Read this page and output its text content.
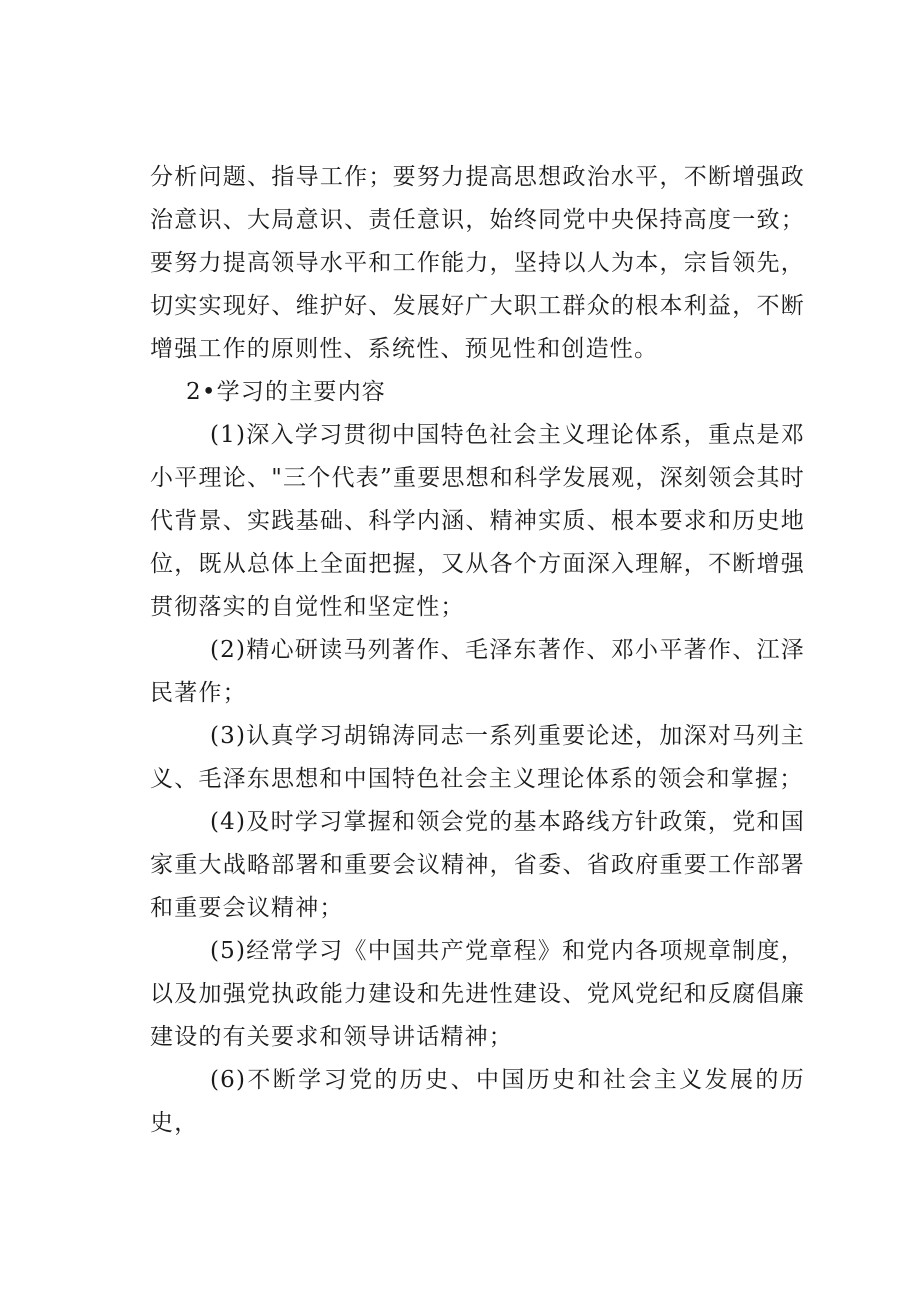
分析问题、指导工作；要努力提高思想政治水平，不断增强政治意识、大局意识、责任意识，始终同党中央保持高度一致；要努力提高领导水平和工作能力，坚持以人为本，宗旨领先，切实实现好、维护好、发展好广大职工群众的根本利益，不断增强工作的原则性、系统性、预见性和创造性。

2•学习的主要内容

(1)深入学习贯彻中国特色社会主义理论体系，重点是邓小平理论、"三个代表”重要思想和科学发展观，深刻领会其时代背景、实践基础、科学内涵、精神实质、根本要求和历史地位，既从总体上全面把握，又从各个方面深入理解，不断增强贯彻落实的自觉性和坚定性；

(2)精心研读马列著作、毛泽东著作、邓小平著作、江泽民著作；

(3)认真学习胡锦涛同志一系列重要论述，加深对马列主义、毛泽东思想和中国特色社会主义理论体系的领会和掌握；

(4)及时学习掌握和领会党的基本路线方针政策，党和国家重大战略部署和重要会议精神，省委、省政府重要工作部署和重要会议精神；

(5)经常学习《中国共产党章程》和党内各项规章制度，以及加强党执政能力建设和先进性建设、党风党纪和反腐倡廉建设的有关要求和领导讲话精神；

(6)不断学习党的历史、中国历史和社会主义发展的历史，
